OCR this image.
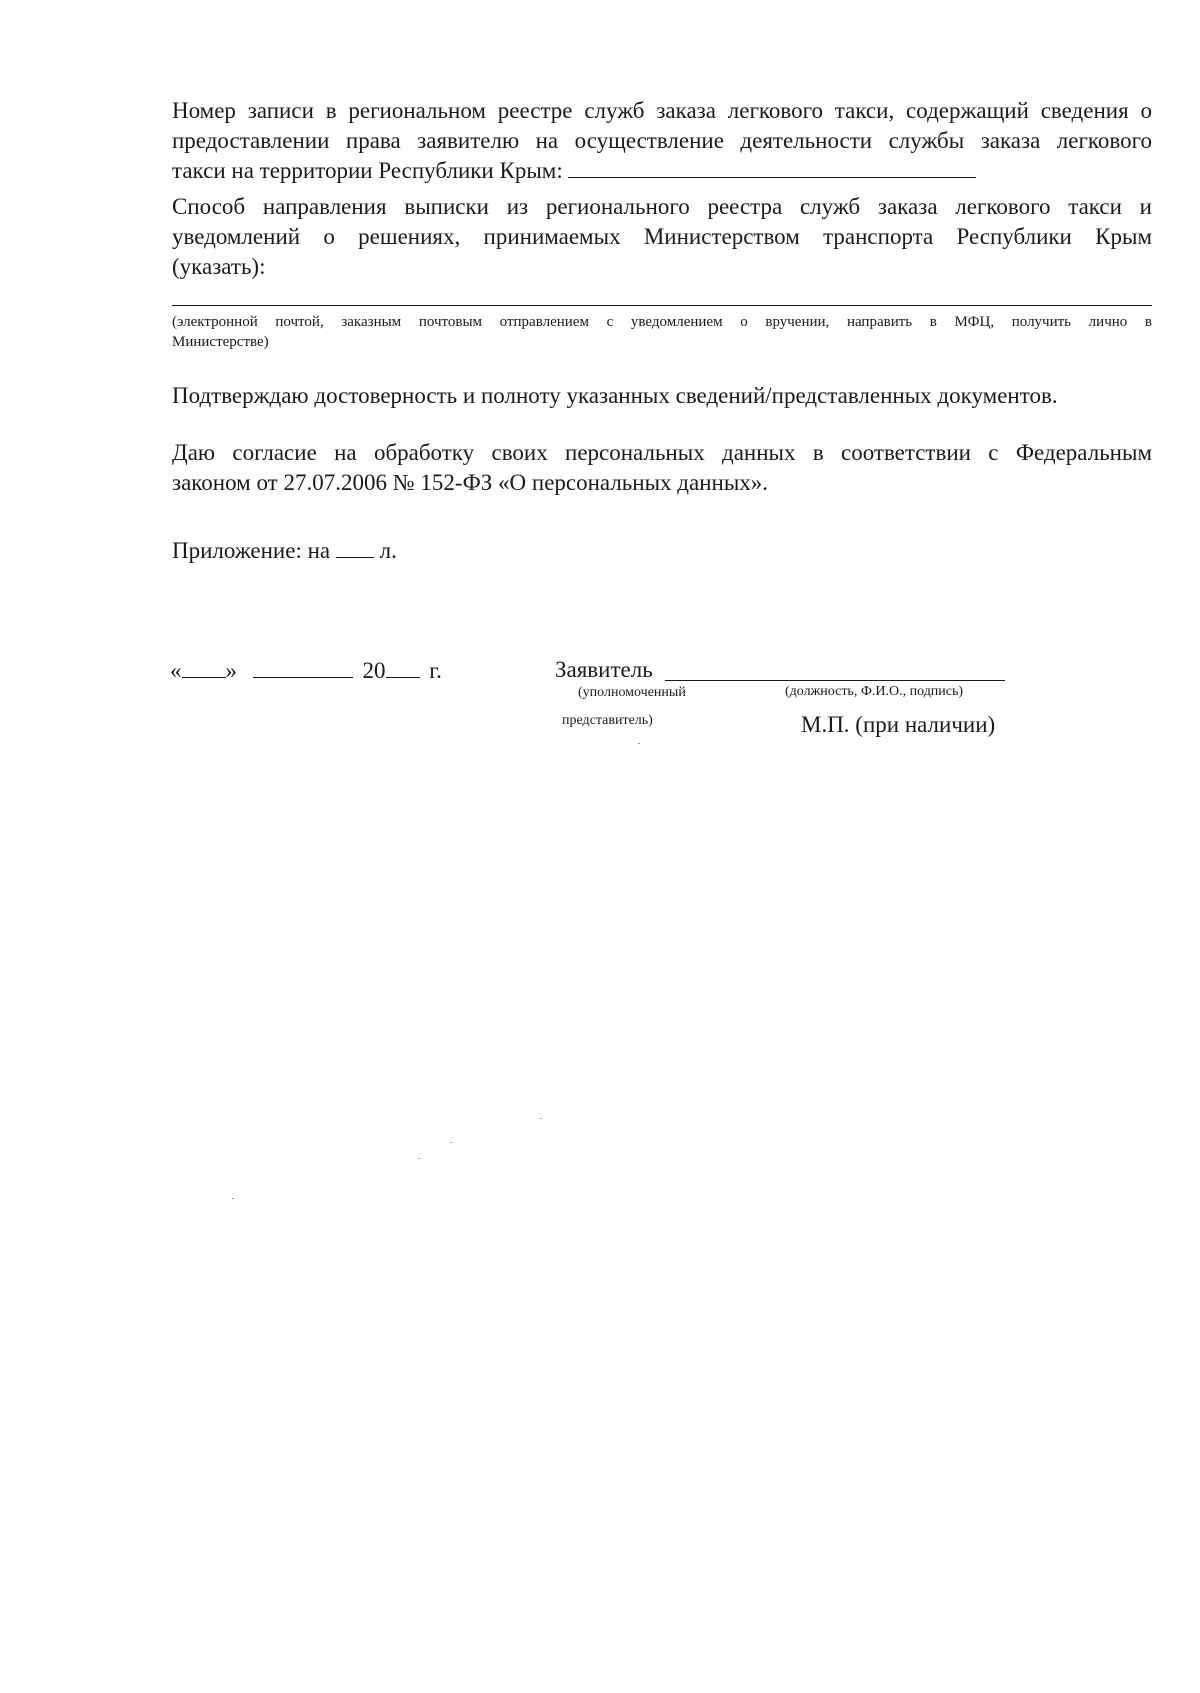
Номер записи в региональном реестре служб заказа легкового такси, содержащий сведения о
предоставлении права заявителю на осуществление деятельности службы заказа легкового
такси на территории Республики Крым:
Способ направления выписки из регионального реестра служб заказа легкового такси и
уведомлений о решениях, принимаемых Министерством транспорта Республики Крым
(указать):
(электронной почтой, заказным почтовым отправлением с уведомлением о вручении, направить в МФЦ, получить лично в
Министерстве)
Подтверждаю достоверность и полноту указанных сведений/представленных документов.
Даю согласие на обработку своих персональных данных в соответствии с Федеральным
законом от 27.07.2006 № 152-ФЗ «О персональных данных».
Приложение: на л.
« »	20 г.	Заявитель
(уполномоченный	(должность, Ф.И.О., подпись)
представитель)	М.П. (при наличии)
